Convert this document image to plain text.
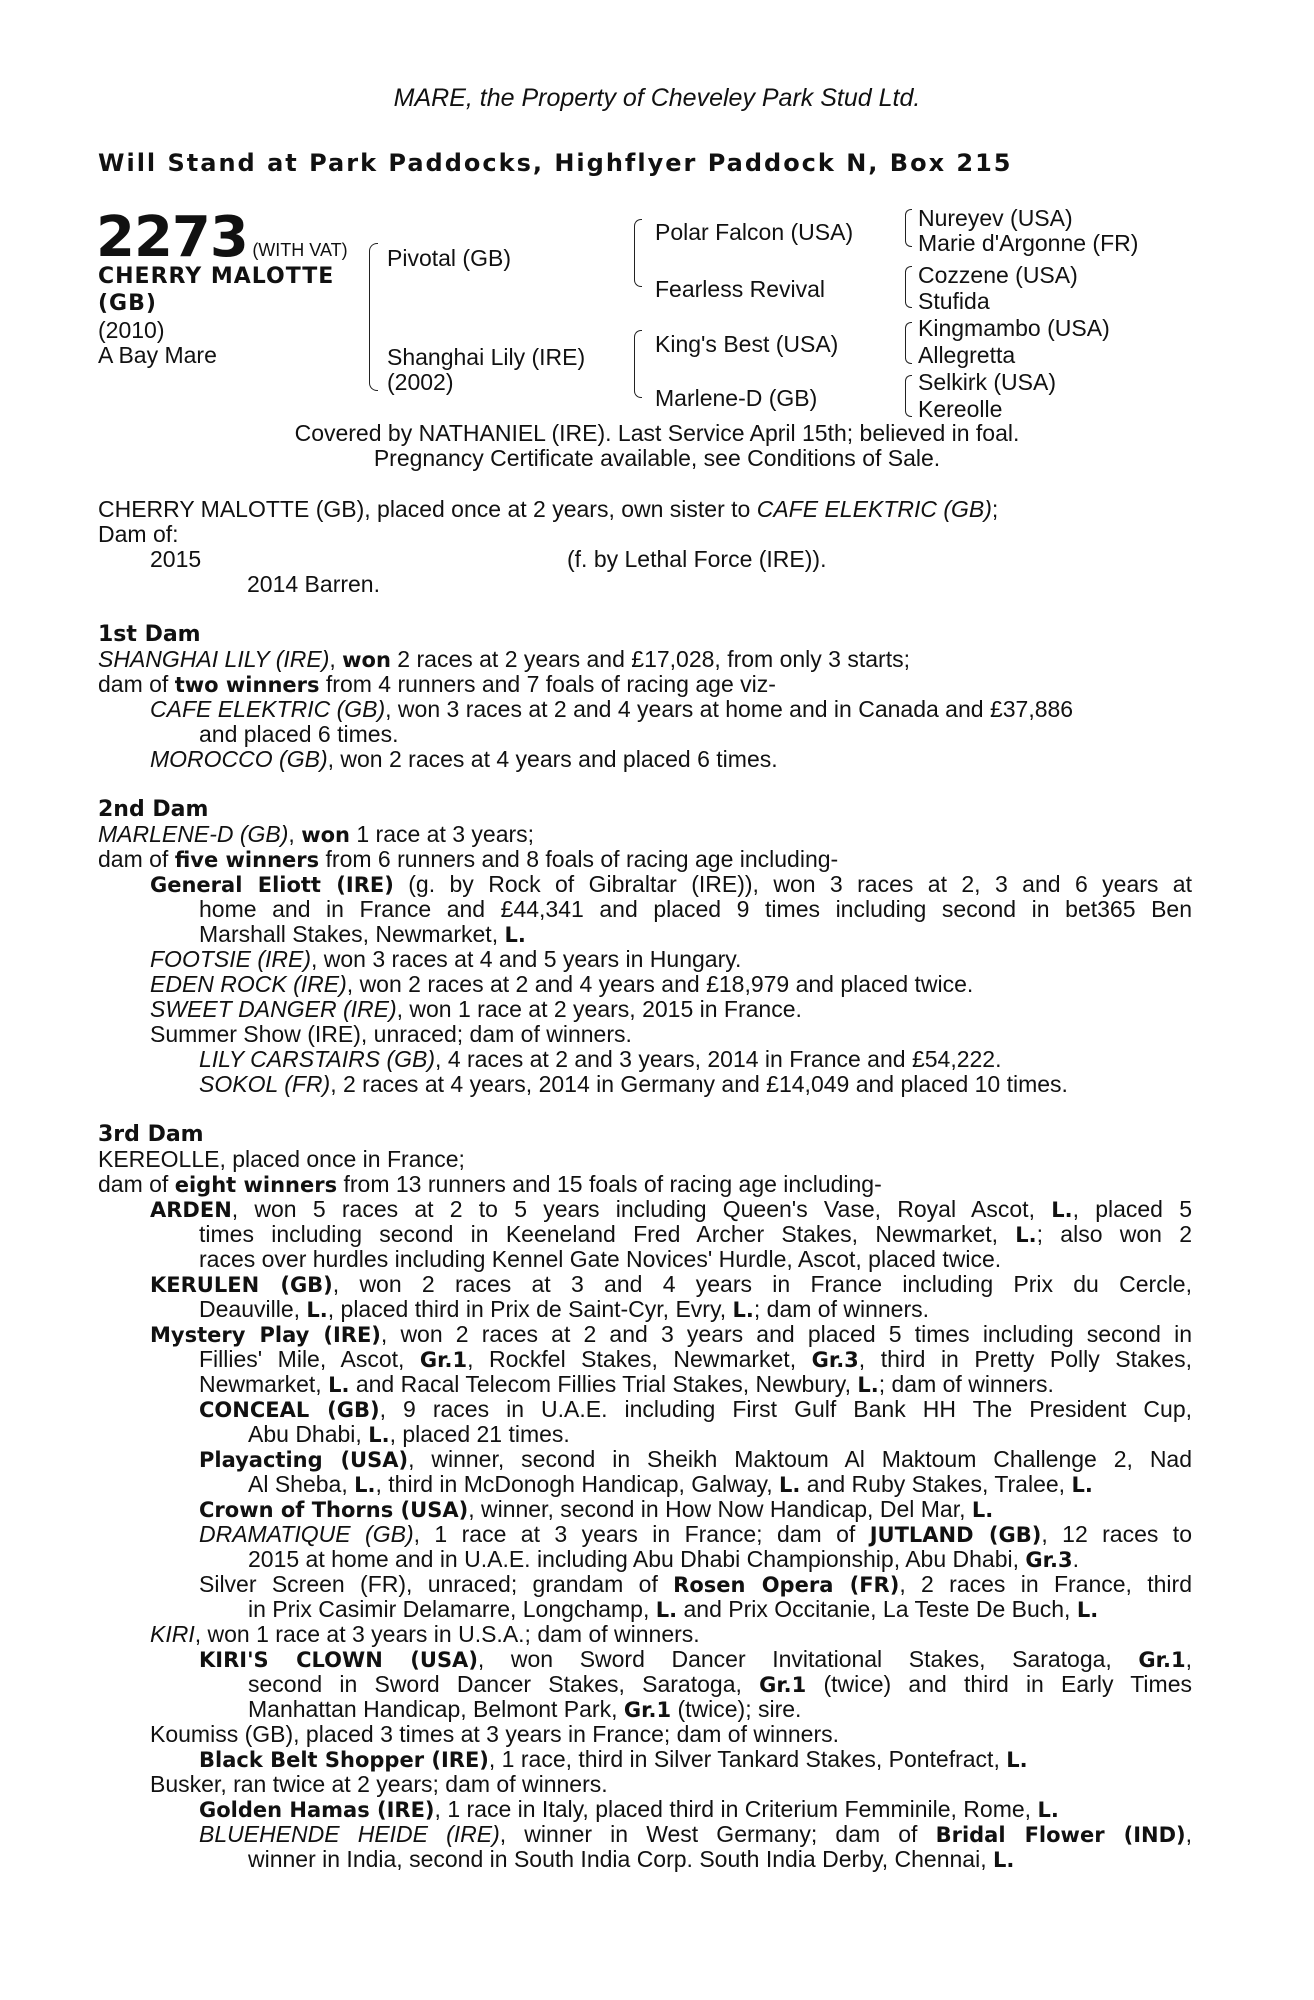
MARE, the Property of Cheveley Park Stud Ltd.
Will Stand at Park Paddocks, Highflyer Paddock N, Box 215
2273 (WITH VAT)
CHERRY MALOTTE
(GB)
(2010)
A Bay Mare
Pivotal (GB)
Shanghai Lily (IRE)
(2002)
Polar Falcon (USA)
Fearless Revival
King's Best (USA)
Marlene-D (GB)
Nureyev (USA)
Marie d'Argonne (FR)
Cozzene (USA)
Stufida
Kingmambo (USA)
Allegretta
Selkirk (USA)
Kereolle
Covered by NATHANIEL (IRE). Last Service April 15th; believed in foal.
Pregnancy Certificate available, see Conditions of Sale.
CHERRY MALOTTE (GB), placed once at 2 years, own sister to CAFE ELEKTRIC (GB);
Dam of:
2015	(f. by Lethal Force (IRE)).
2014 Barren.
1st Dam
SHANGHAI LILY (IRE), won 2 races at 2 years and £17,028, from only 3 starts;
dam of two winners from 4 runners and 7 foals of racing age viz-
CAFE ELEKTRIC (GB), won 3 races at 2 and 4 years at home and in Canada and £37,886
and placed 6 times.
MOROCCO (GB), won 2 races at 4 years and placed 6 times.
2nd Dam
MARLENE-D (GB), won 1 race at 3 years;
dam of five winners from 6 runners and 8 foals of racing age including-
General Eliott (IRE) (g. by Rock of Gibraltar (IRE)), won 3 races at 2, 3 and 6 years at
home and in France and £44,341 and placed 9 times including second in bet365 Ben
Marshall Stakes, Newmarket, L.
FOOTSIE (IRE), won 3 races at 4 and 5 years in Hungary.
EDEN ROCK (IRE), won 2 races at 2 and 4 years and £18,979 and placed twice.
SWEET DANGER (IRE), won 1 race at 2 years, 2015 in France.
Summer Show (IRE), unraced; dam of winners.
LILY CARSTAIRS (GB), 4 races at 2 and 3 years, 2014 in France and £54,222.
SOKOL (FR), 2 races at 4 years, 2014 in Germany and £14,049 and placed 10 times.
3rd Dam
KEREOLLE, placed once in France;
dam of eight winners from 13 runners and 15 foals of racing age including-
ARDEN, won 5 races at 2 to 5 years including Queen's Vase, Royal Ascot, L., placed 5
times including second in Keeneland Fred Archer Stakes, Newmarket, L.; also won 2
races over hurdles including Kennel Gate Novices' Hurdle, Ascot, placed twice.
KERULEN (GB), won 2 races at 3 and 4 years in France including Prix du Cercle,
Deauville, L., placed third in Prix de Saint-Cyr, Evry, L.; dam of winners.
Mystery Play (IRE), won 2 races at 2 and 3 years and placed 5 times including second in
Fillies' Mile, Ascot, Gr.1, Rockfel Stakes, Newmarket, Gr.3, third in Pretty Polly Stakes,
Newmarket, L. and Racal Telecom Fillies Trial Stakes, Newbury, L.; dam of winners.
CONCEAL (GB), 9 races in U.A.E. including First Gulf Bank HH The President Cup,
Abu Dhabi, L., placed 21 times.
Playacting (USA), winner, second in Sheikh Maktoum Al Maktoum Challenge 2, Nad
Al Sheba, L., third in McDonogh Handicap, Galway, L. and Ruby Stakes, Tralee, L.
Crown of Thorns (USA), winner, second in How Now Handicap, Del Mar, L.
DRAMATIQUE (GB), 1 race at 3 years in France; dam of JUTLAND (GB), 12 races to
2015 at home and in U.A.E. including Abu Dhabi Championship, Abu Dhabi, Gr.3.
Silver Screen (FR), unraced; grandam of Rosen Opera (FR), 2 races in France, third
in Prix Casimir Delamarre, Longchamp, L. and Prix Occitanie, La Teste De Buch, L.
KIRI, won 1 race at 3 years in U.S.A.; dam of winners.
KIRI'S CLOWN (USA), won Sword Dancer Invitational Stakes, Saratoga, Gr.1,
second in Sword Dancer Stakes, Saratoga, Gr.1 (twice) and third in Early Times
Manhattan Handicap, Belmont Park, Gr.1 (twice); sire.
Koumiss (GB), placed 3 times at 3 years in France; dam of winners.
Black Belt Shopper (IRE), 1 race, third in Silver Tankard Stakes, Pontefract, L.
Busker, ran twice at 2 years; dam of winners.
Golden Hamas (IRE), 1 race in Italy, placed third in Criterium Femminile, Rome, L.
BLUEHENDE HEIDE (IRE), winner in West Germany; dam of Bridal Flower (IND),
winner in India, second in South India Corp. South India Derby, Chennai, L.
